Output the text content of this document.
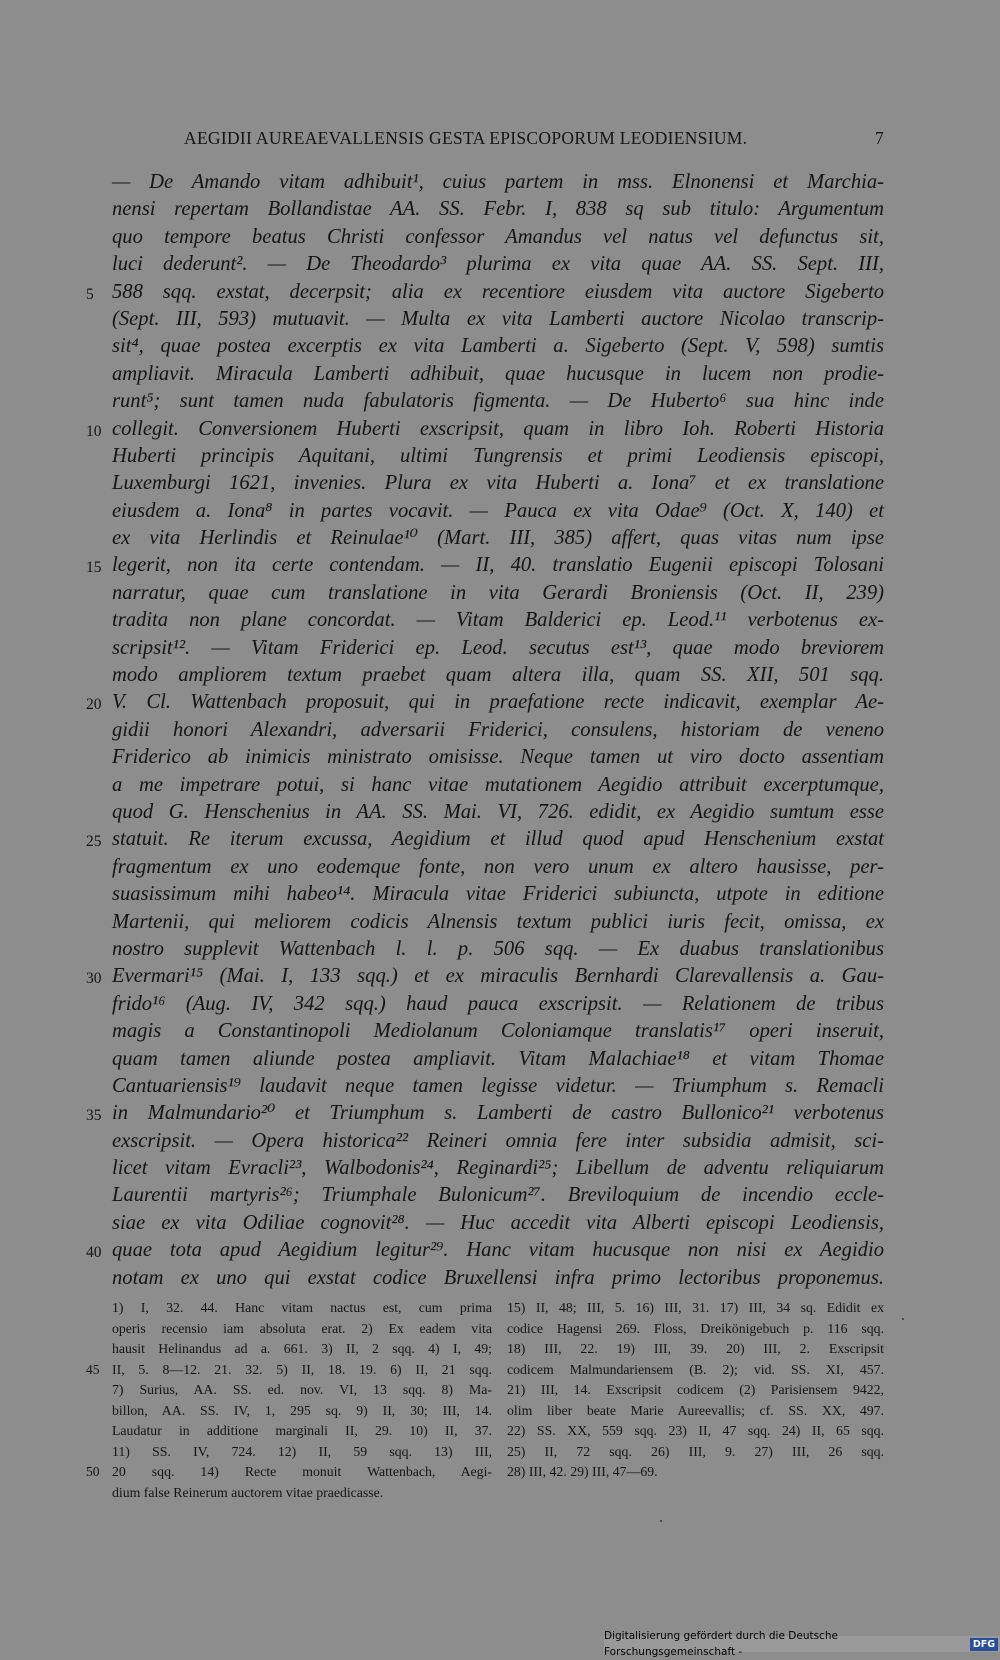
AEGIDII AUREAEVALLENSIS GESTA EPISCOPORUM LEODIENSIUM.	7
— De Amando vitam adhibuit¹, cuius partem in mss. Elnonensi et Marchia-
nensi repertam Bollandistae AA. SS. Febr. I, 838 sq sub titulo: Argumentum
quo tempore beatus Christi confessor Amandus vel natus vel defunctus sit,
luci dederunt². — De Theodardo³ plurima ex vita quae AA. SS. Sept. III,
5 588 sqq. exstat, decerpsit; alia ex recentiore eiusdem vita auctore Sigeberto
(Sept. III, 593) mutuavit. — Multa ex vita Lamberti auctore Nicolao transcrip-
sit⁴, quae postea excerptis ex vita Lamberti a. Sigeberto (Sept. V, 598) sumtis
ampliavit. Miracula Lamberti adhibuit, quae hucusque in lucem non prodie-
runt⁵; sunt tamen nuda fabulatoris figmenta. — De Huberto⁶ sua hinc inde
10 collegit. Conversionem Huberti exscripsit, quam in libro Ioh. Roberti Historia
Huberti principis Aquitani, ultimi Tungrensis et primi Leodiensis episcopi,
Luxemburgi 1621, invenies. Plura ex vita Huberti a. Iona⁷ et ex translatione
eiusdem a. Iona⁸ in partes vocavit. — Pauca ex vita Odae⁹ (Oct. X, 140) et
ex vita Herlindis et Reinulae¹⁰ (Mart. III, 385) affert, quas vitas num ipse
15 legerit, non ita certe contendam. — II, 40. translatio Eugenii episcopi Tolosani
narratur, quae cum translatione in vita Gerardi Broniensis (Oct. II, 239)
tradita non plane concordat. — Vitam Balderici ep. Leod.¹¹ verbotenus ex-
scripsit¹². — Vitam Friderici ep. Leod. secutus est¹³, quae modo breviorem
modo ampliorem textum praebet quam altera illa, quam SS. XII, 501 sqq.
20 V. Cl. Wattenbach proposuit, qui in praefatione recte indicavit, exemplar Ae-
gidii honori Alexandri, adversarii Friderici, consulens, historiam de veneno
Friderico ab inimicis ministrato omisisse. Neque tamen ut viro docto assentiam
a me impetrare potui, si hanc vitae mutationem Aegidio attribuit excerptumque,
quod G. Henschenius in AA. SS. Mai. VI, 726. edidit, ex Aegidio sumtum esse
25 statuit. Re iterum excussa, Aegidium et illud quod apud Henschenium exstat
fragmentum ex uno eodemque fonte, non vero unum ex altero hausisse, per-
suasissimum mihi habeo¹⁴. Miracula vitae Friderici subiuncta, utpote in editione
Martenii, qui meliorem codicis Alnensis textum publici iuris fecit, omissa, ex
nostro supplevit Wattenbach l. l. p. 506 sqq. — Ex duabus translationibus
30 Evermari¹⁵ (Mai. I, 133 sqq.) et ex miraculis Bernhardi Clarevallensis a. Gau-
frido¹⁶ (Aug. IV, 342 sqq.) haud pauca exscripsit. — Relationem de tribus
magis a Constantinopoli Mediolanum Coloniamque translatis¹⁷ operi inseruit,
quam tamen aliunde postea ampliavit. Vitam Malachiae¹⁸ et vitam Thomae
Cantuariensis¹⁹ laudavit neque tamen legisse videtur. — Triumphum s. Remacli
35 in Malmundario²⁰ et Triumphum s. Lamberti de castro Bullonico²¹ verbotenus
exscripsit. — Opera historica²² Reineri omnia fere inter subsidia admisit, sci-
licet vitam Evracli²³, Walbodonis²⁴, Reginardi²⁵; Libellum de adventu reliquiarum
Laurentii martyris²⁶; Triumphale Bulonicum²⁷. Breviloquium de incendio eccle-
siae ex vita Odiliae cognovit²⁸. — Huc accedit vita Alberti episcopi Leodiensis,
40 quae tota apud Aegidium legitur²⁹. Hanc vitam hucusque non nisi ex Aegidio
notam ex uno qui exstat codice Bruxellensi infra primo lectoribus proponemus.
1) I, 32. 44. Hanc vitam nactus est, cum prima
operis recensio iam absoluta erat. 2) Ex eadem vita
hausit Helinandus ad a. 661. 3) II, 2 sqq. 4) I, 49;
45 II, 5. 8—12. 21. 32. 5) II, 18. 19. 6) II, 21 sqq.
7) Surius, AA. SS. ed. nov. VI, 13 sqq. 8) Ma-
billon, AA. SS. IV, 1, 295 sq. 9) II, 30; III, 14.
Laudatur in additione marginali II, 29. 10) II, 37.
11) SS. IV, 724. 12) II, 59 sqq. 13) III,
50 20 sqq. 14) Recte monuit Wattenbach, Aegi-
dium false Reinerum auctorem vitae praedicasse.
15) II, 48; III, 5. 16) III, 31. 17) III, 34 sq. Edidit ex
codice Hagensi 269. Floss, Dreikönigebuch p. 116 sqq.
18) III, 22. 19) III, 39. 20) III, 2. Exscripsit
codicem Malmundariensem (B. 2); vid. SS. XI, 457.
21) III, 14. Exscripsit codicem (2) Parisiensem 9422,
olim liber beate Marie Aureevallis; cf. SS. XX, 497.
22) SS. XX, 559 sqq. 23) II, 47 sqq. 24) II, 65 sqq.
25) II, 72 sqq. 26) III, 9. 27) III, 26 sqq.
28) III, 42. 29) III, 47—69.
Digitalisierung gefördert durch die Deutsche Forschungsgemeinschaft -
DFG
